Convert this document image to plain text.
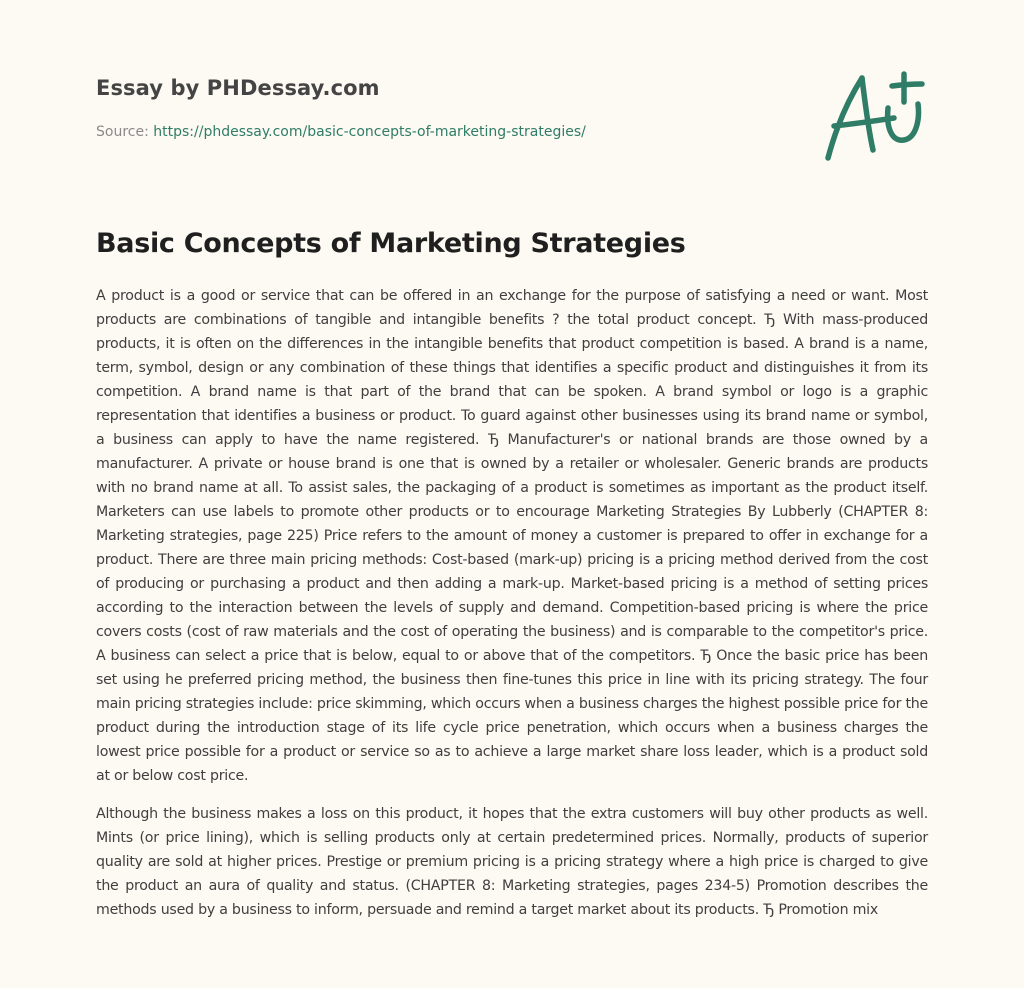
Essay by PHDessay.com

Source: https://phdessay.com/basic-concepts-of-marketing-strategies/

Basic Concepts of Marketing Strategies

A product is a good or service that can be offered in an exchange for the purpose of satisfying a need or want. Most products are combinations of tangible and intangible benefits ? the total product concept. Ђ With mass-produced products, it is often on the differences in the intangible benefits that product competition is based. A brand is a name, term, symbol, design or any combination of these things that identifies a specific product and distinguishes it from its competition. A brand name is that part of the brand that can be spoken. A brand symbol or logo is a graphic representation that identifies a business or product. To guard against other businesses using its brand name or symbol, a business can apply to have the name registered. Ђ Manufacturer's or national brands are those owned by a manufacturer. A private or house brand is one that is owned by a retailer or wholesaler. Generic brands are products with no brand name at all. To assist sales, the packaging of a product is sometimes as important as the product itself. Marketers can use labels to promote other products or to encourage Marketing Strategies By Lubberly (CHAPTER 8: Marketing strategies, page 225) Price refers to the amount of money a customer is prepared to offer in exchange for a product. There are three main pricing methods: Cost-based (mark-up) pricing is a pricing method derived from the cost of producing or purchasing a product and then adding a mark-up. Market-based pricing is a method of setting prices according to the interaction between the levels of supply and demand. Competition-based pricing is where the price covers costs (cost of raw materials and the cost of operating the business) and is comparable to the competitor's price. A business can select a price that is below, equal to or above that of the competitors. Ђ Once the basic price has been set using he preferred pricing method, the business then fine-tunes this price in line with its pricing strategy. The four main pricing strategies include: price skimming, which occurs when a business charges the highest possible price for the product during the introduction stage of its life cycle price penetration, which occurs when a business charges the lowest price possible for a product or service so as to achieve a large market share loss leader, which is a product sold at or below cost price.

Although the business makes a loss on this product, it hopes that the extra customers will buy other products as well. Mints (or price lining), which is selling products only at certain predetermined prices. Normally, products of superior quality are sold at higher prices. Prestige or premium pricing is a pricing strategy where a high price is charged to give the product an aura of quality and status. (CHAPTER 8: Marketing strategies, pages 234-5) Promotion describes the methods used by a business to inform, persuade and remind a target market about its products. Ђ Promotion mix
